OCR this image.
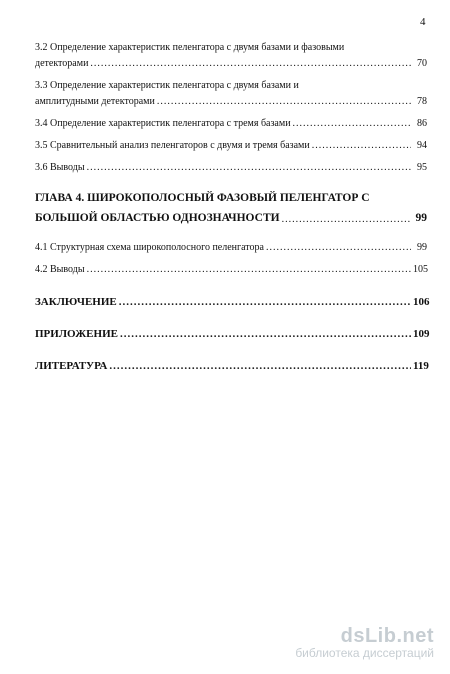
4
3.2 Определение характеристик пеленгатора с двумя базами и фазовыми
детекторами .....	70
3.3 Определение характеристик пеленгатора с двумя базами и
амплитудными детекторами .....	78
3.4 Определение характеристик пеленгатора с тремя базами .....	86
3.5 Сравнительный анализ пеленгаторов с двумя и тремя базами .....	94
3.6 Выводы .....	95
ГЛАВА 4. ШИРОКОПОЛОСНЫЙ ФАЗОВЫЙ ПЕЛЕНГАТОР С
БОЛЬШОЙ ОБЛАСТЬЮ ОДНОЗНАЧНОСТИ .....	99
4.1 Структурная схема широкополосного пеленгатора .....	99
4.2 Выводы .....	105
ЗАКЛЮЧЕНИЕ .....	106
ПРИЛОЖЕНИЕ .....	109
ЛИТЕРАТУРА .....	119
dsLib.net
библиотека диссертаций
